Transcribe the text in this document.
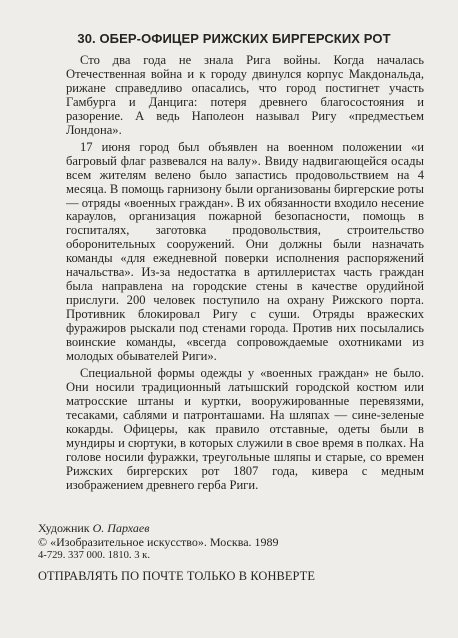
30. ОБЕР-ОФИЦЕР РИЖСКИХ БИРГЕРСКИХ РОТ

Сто два года не знала Рига войны. Когда началась Отечественная война и к городу двинулся корпус Макдональда, рижане справедливо опасались, что город постигнет участь Гамбурга и Данцига: потеря древнего благосостояния и разорение. А ведь Наполеон называл Ригу «предместьем Лондона».

17 июня город был объявлен на военном положении «и багровый флаг развевался на валу». Ввиду надвигающейся осады всем жителям велено было запастись продовольствием на 4 месяца. В помощь гарнизону были организованы биргерские роты — отряды «военных граждан». В их обязанности входило несение караулов, организация пожарной безопасности, помощь в госпиталях, заготовка продовольствия, строительство оборонительных сооружений. Они должны были назначать команды «для ежедневной поверки исполнения распоряжений начальства». Из-за недостатка в артиллеристах часть граждан была направлена на городские стены в качестве орудийной прислуги. 200 человек поступило на охрану Рижского порта. Противник блокировал Ригу с суши. Отряды вражеских фуражиров рыскали под стенами города. Против них посылались воинские команды, «всегда сопровождаемые охотниками из молодых обывателей Риги».

Специальной формы одежды у «военных граждан» не было. Они носили традиционный латышский городской костюм или матросские штаны и куртки, вооружированные перевязями, тесаками, саблями и патронташами. На шляпах — сине-зеленые кокарды. Офицеры, как правило отставные, одеты были в мундиры и сюртуки, в которых служили в свое время в полках. На голове носили фуражки, треугольные шляпы и старые, со времен Рижских биргерских рот 1807 года, кивера с медным изображением древнего герба Риги.

Художник О. Пархаев
© «Изобразительное искусство». Москва. 1989
4-729. 337 000. 1810. 3 к.
ОТПРАВЛЯТЬ ПО ПОЧТЕ ТОЛЬКО В КОНВЕРТЕ
